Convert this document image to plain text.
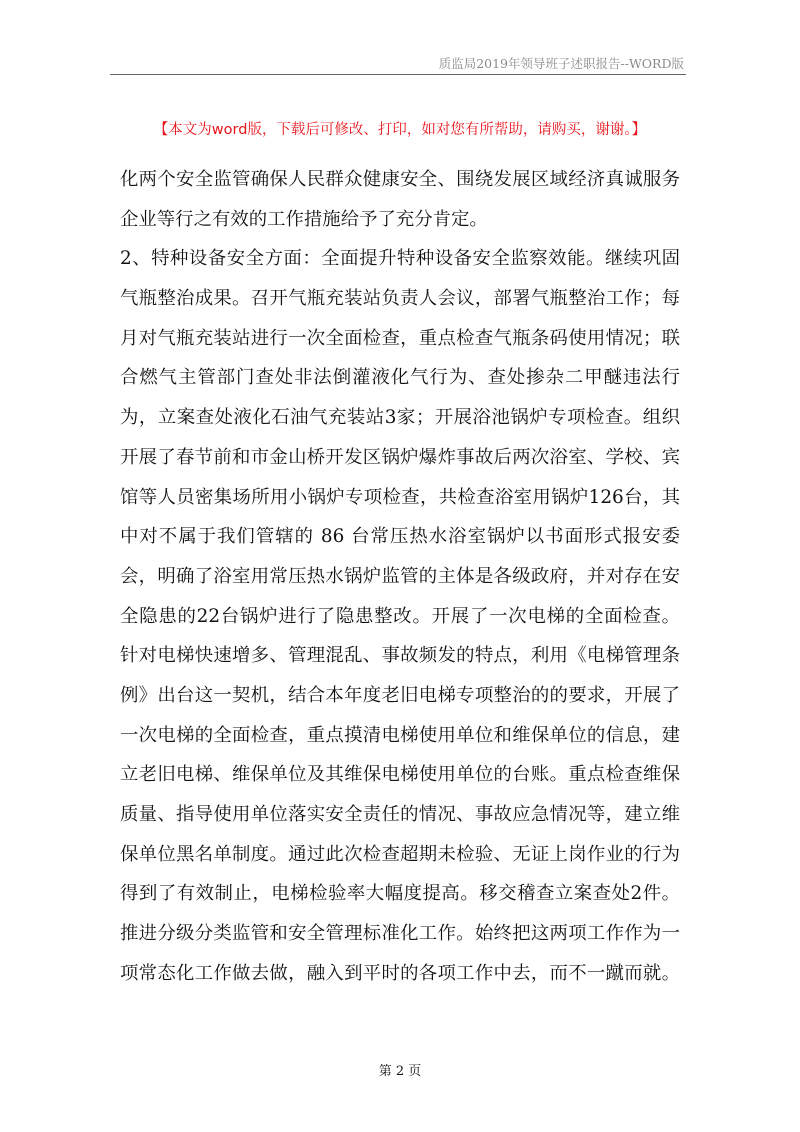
质监局2019年领导班子述职报告--WORD版
【本文为word版，下载后可修改、打印，如对您有所帮助，请购买，谢谢。】
化两个安全监管确保人民群众健康安全、围绕发展区域经济真诚服务
企业等行之有效的工作措施给予了充分肯定。
2、特种设备安全方面：全面提升特种设备安全监察效能。继续巩固
气瓶整治成果。召开气瓶充装站负责人会议，部署气瓶整治工作；每
月对气瓶充装站进行一次全面检查，重点检查气瓶条码使用情况；联
合燃气主管部门查处非法倒灌液化气行为、查处掺杂二甲醚违法行
为，立案查处液化石油气充装站3家；开展浴池锅炉专项检查。组织
开展了春节前和市金山桥开发区锅炉爆炸事故后两次浴室、学校、宾
馆等人员密集场所用小锅炉专项检查，共检查浴室用锅炉126台，其
中对不属于我们管辖的 86 台常压热水浴室锅炉以书面形式报安委
会，明确了浴室用常压热水锅炉监管的主体是各级政府，并对存在安
全隐患的22台锅炉进行了隐患整改。开展了一次电梯的全面检查。
针对电梯快速增多、管理混乱、事故频发的特点，利用《电梯管理条
例》出台这一契机，结合本年度老旧电梯专项整治的的要求，开展了
一次电梯的全面检查，重点摸清电梯使用单位和维保单位的信息，建
立老旧电梯、维保单位及其维保电梯使用单位的台账。重点检查维保
质量、指导使用单位落实安全责任的情况、事故应急情况等，建立维
保单位黑名单制度。通过此次检查超期未检验、无证上岗作业的行为
得到了有效制止，电梯检验率大幅度提高。移交稽查立案查处2件。
推进分级分类监管和安全管理标准化工作。始终把这两项工作作为一
项常态化工作做去做，融入到平时的各项工作中去，而不一蹴而就。
第 2 页
